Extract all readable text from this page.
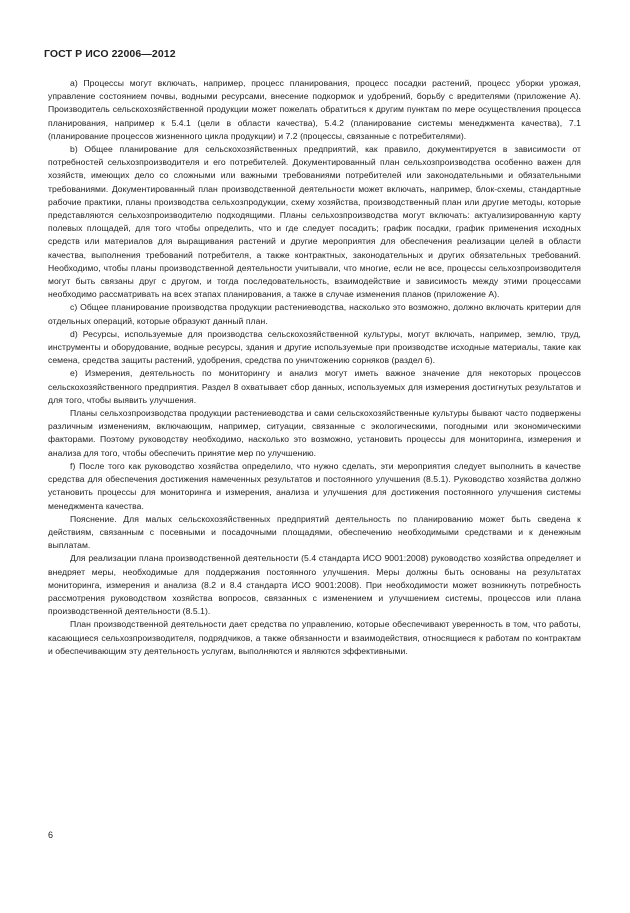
ГОСТ Р ИСО 22006—2012

а) Процессы могут включать, например, процесс планирования, процесс посадки растений, процесс уборки урожая, управление состоянием почвы, водными ресурсами, внесение подкормок и удобрений, борьбу с вредителями (приложение А). Производитель сельскохозяйственной продукции может пожелать обратиться к другим пунктам по мере осуществления процесса планирования, например к 5.4.1 (цели в области качества), 5.4.2 (планирование системы менеджмента качества), 7.1 (планирование процессов жизненного цикла продукции) и 7.2 (процессы, связанные с потребителями).

b) Общее планирование для сельскохозяйственных предприятий, как правило, документируется в зависимости от потребностей сельхозпроизводителя и его потребителей. Документированный план сельхозпроизводства особенно важен для хозяйств, имеющих дело со сложными или важными требованиями потребителей или законодательными и обязательными требованиями. Документированный план производственной деятельности может включать, например, блок-схемы, стандартные рабочие практики, планы производства сельхозпродукции, схему хозяйства, производственный план или другие методы, которые представляются сельхозпроизводителю подходящими. Планы сельхозпроизводства могут включать: актуализированную карту полевых площадей, для того чтобы определить, что и где следует посадить; график посадки, график применения исходных средств или материалов для выращивания растений и другие мероприятия для обеспечения реализации целей в области качества, выполнения требований потребителя, а также контрактных, законодательных и других обязательных требований. Необходимо, чтобы планы производственной деятельности учитывали, что многие, если не все, процессы сельхозпроизводителя могут быть связаны друг с другом, и тогда последовательность, взаимодействие и зависимость между этими процессами необходимо рассматривать на всех этапах планирования, а также в случае изменения планов (приложение А).

c) Общее планирование производства продукции растениеводства, насколько это возможно, должно включать критерии для отдельных операций, которые образуют данный план.

d) Ресурсы, используемые для производства сельскохозяйственной культуры, могут включать, например, землю, труд, инструменты и оборудование, водные ресурсы, здания и другие используемые при производстве исходные материалы, такие как семена, средства защиты растений, удобрения, средства по уничтожению сорняков (раздел 6).

e) Измерения, деятельность по мониторингу и анализ могут иметь важное значение для некоторых процессов сельскохозяйственного предприятия. Раздел 8 охватывает сбор данных, используемых для измерения достигнутых результатов и для того, чтобы выявить улучшения.

Планы сельхозпроизводства продукции растениеводства и сами сельскохозяйственные культуры бывают часто подвержены различным изменениям, включающим, например, ситуации, связанные с экологическими, погодными или экономическими факторами. Поэтому руководству необходимо, насколько это возможно, установить процессы для мониторинга, измерения и анализа для того, чтобы обеспечить принятие мер по улучшению.

f) После того как руководство хозяйства определило, что нужно сделать, эти мероприятия следует выполнить в качестве средства для обеспечения достижения намеченных результатов и постоянного улучшения (8.5.1). Руководство хозяйства должно установить процессы для мониторинга и измерения, анализа и улучшения для достижения постоянного улучшения системы менеджмента качества.

Пояснение. Для малых сельскохозяйственных предприятий деятельность по планированию может быть сведена к действиям, связанным с посевными и посадочными площадями, обеспечению необходимыми средствами и к денежным выплатам.

Для реализации плана производственной деятельности (5.4 стандарта ИСО 9001:2008) руководство хозяйства определяет и внедряет меры, необходимые для поддержания постоянного улучшения. Меры должны быть основаны на результатах мониторинга, измерения и анализа (8.2 и 8.4 стандарта ИСО 9001:2008). При необходимости может возникнуть потребность рассмотрения руководством хозяйства вопросов, связанных с изменением и улучшением системы, процессов или плана производственной деятельности (8.5.1).

План производственной деятельности дает средства по управлению, которые обеспечивают уверенность в том, что работы, касающиеся сельхозпроизводителя, подрядчиков, а также обязанности и взаимодействия, относящиеся к работам по контрактам и обеспечивающим эту деятельность услугам, выполняются и являются эффективными.

6
